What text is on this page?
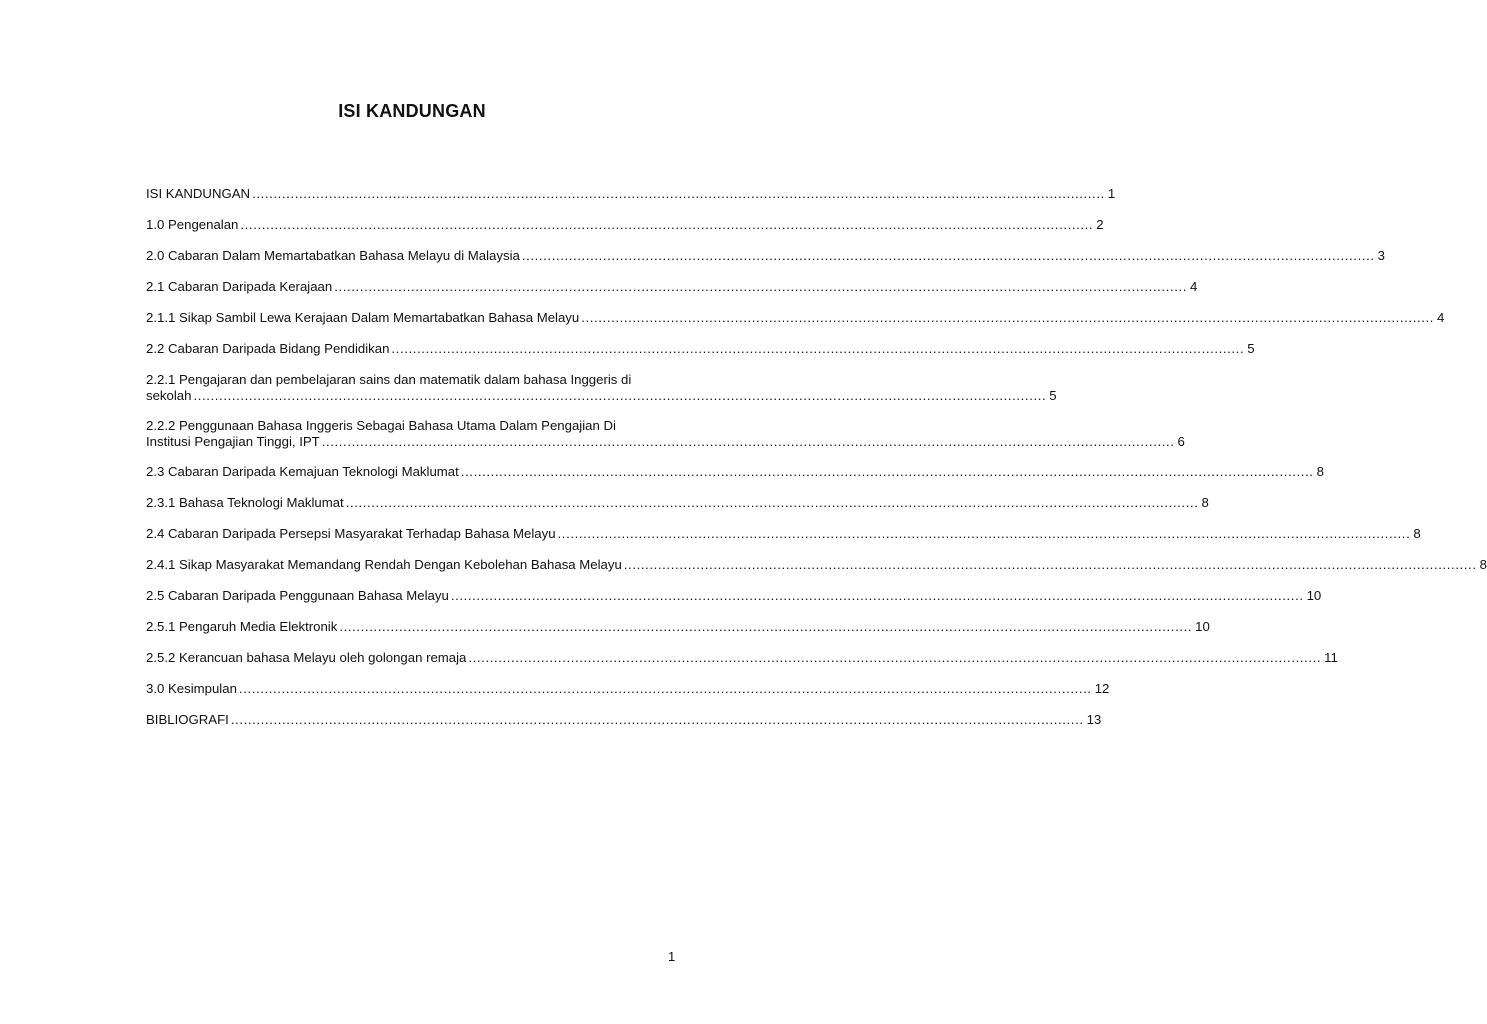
ISI KANDUNGAN
ISI KANDUNGAN ........................................................................................................................................................................................................ 1
1.0 Pengenalan ........................................................................................................................................................................................................ 2
2.0 Cabaran Dalam Memartabatkan Bahasa Melayu di Malaysia ........................................................................................................................................................................................................ 3
2.1 Cabaran Daripada Kerajaan ........................................................................................................................................................................................................ 4
2.1.1 Sikap Sambil Lewa Kerajaan Dalam Memartabatkan Bahasa Melayu ........................................................................................................................................................................................................ 4
2.2 Cabaran Daripada Bidang Pendidikan ........................................................................................................................................................................................................ 5
2.2.1 Pengajaran dan pembelajaran sains dan matematik dalam bahasa Inggeris di
sekolah ........................................................................................................................................................................................................ 5
2.2.2 Penggunaan Bahasa Inggeris Sebagai Bahasa Utama Dalam Pengajian Di
Institusi Pengajian Tinggi, IPT ........................................................................................................................................................................................................ 6
2.3 Cabaran Daripada Kemajuan Teknologi Maklumat ........................................................................................................................................................................................................ 8
2.3.1 Bahasa Teknologi Maklumat ........................................................................................................................................................................................................ 8
2.4 Cabaran Daripada Persepsi Masyarakat Terhadap Bahasa Melayu ........................................................................................................................................................................................................ 8
2.4.1 Sikap Masyarakat Memandang Rendah Dengan Kebolehan Bahasa Melayu ........................................................................................................................................................................................................ 8
2.5 Cabaran Daripada Penggunaan Bahasa Melayu ........................................................................................................................................................................................................ 10
2.5.1 Pengaruh Media Elektronik ........................................................................................................................................................................................................ 10
2.5.2 Kerancuan bahasa Melayu oleh golongan remaja ........................................................................................................................................................................................................ 11
3.0 Kesimpulan ........................................................................................................................................................................................................ 12
BIBLIOGRAFI ........................................................................................................................................................................................................ 13
1
